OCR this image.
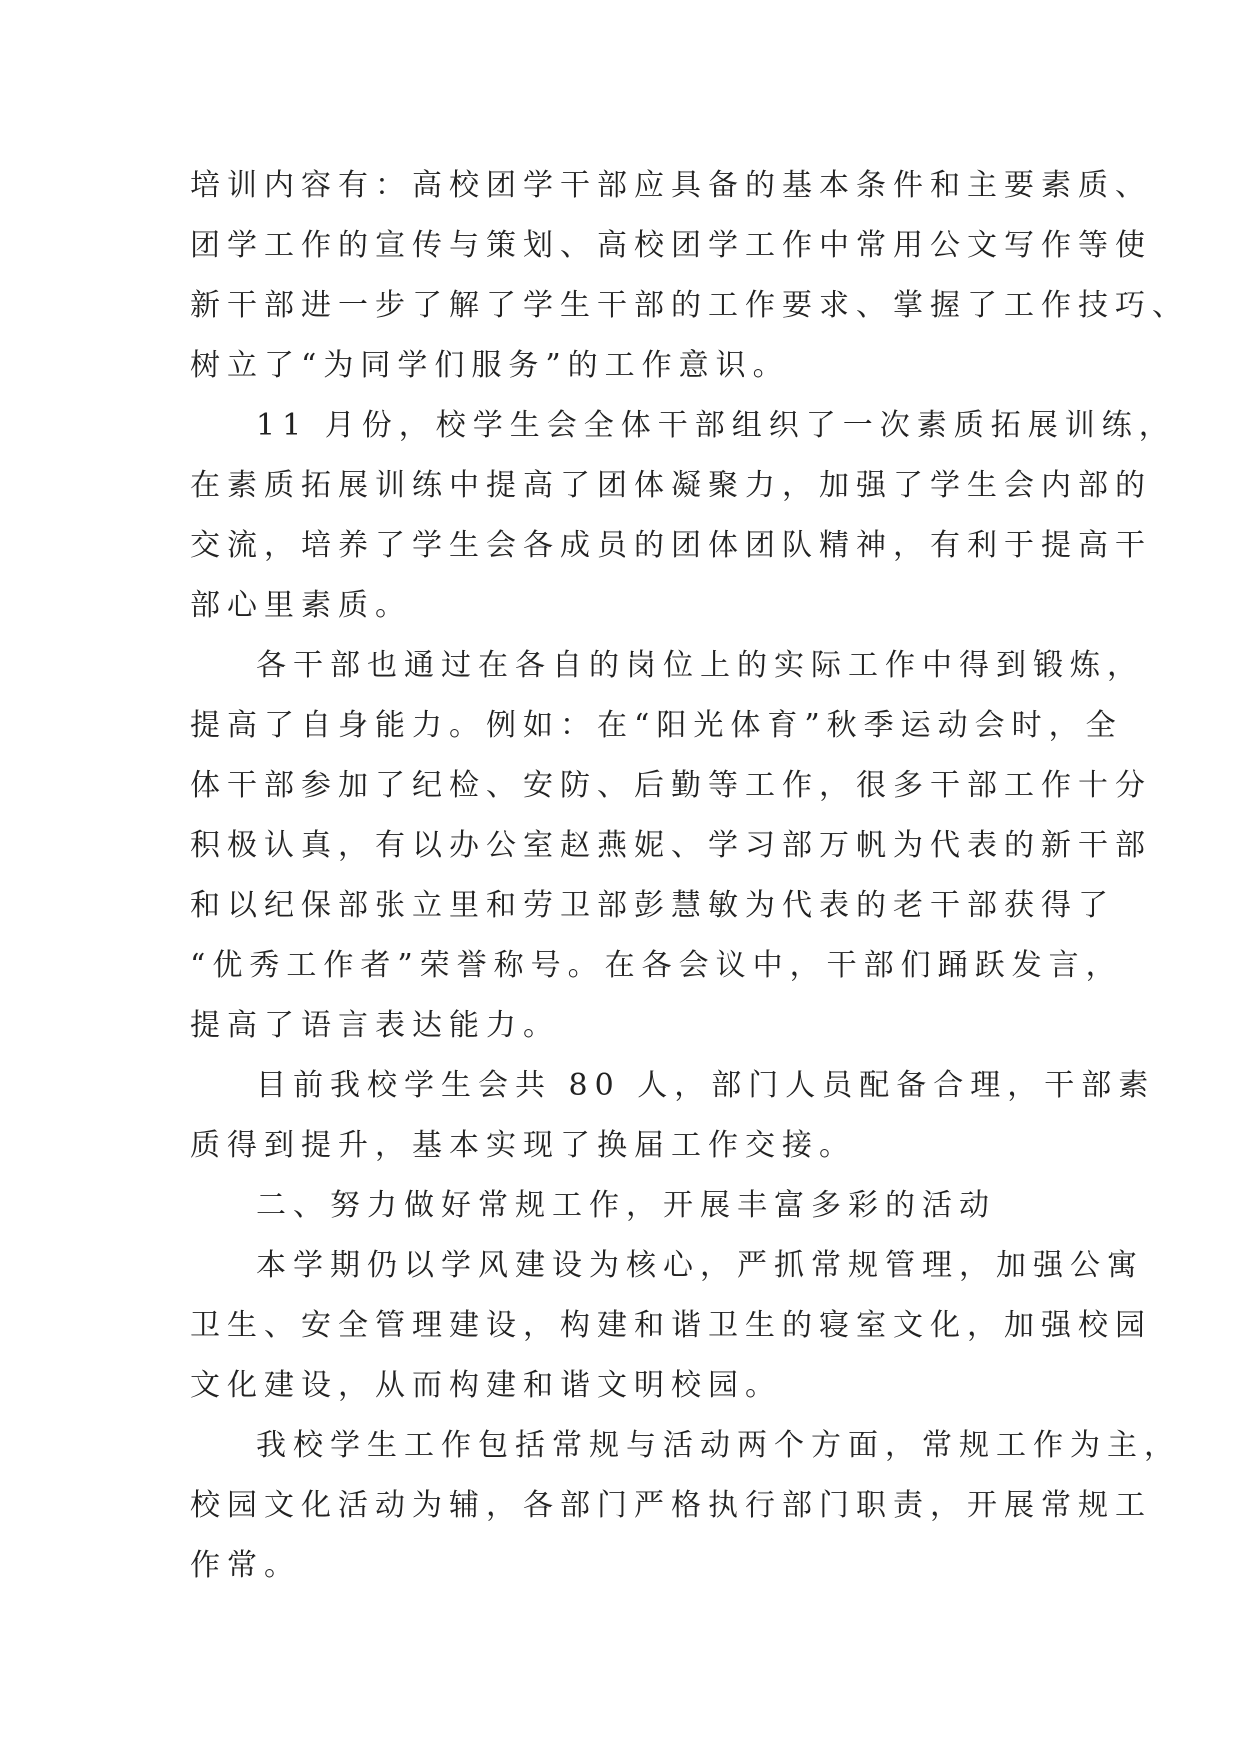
培训内容有：高校团学干部应具备的基本条件和主要素质、
团学工作的宣传与策划、高校团学工作中常用公文写作等使
新干部进一步了解了学生干部的工作要求、掌握了工作技巧、
树立了“为同学们服务”的工作意识。
11 月份，校学生会全体干部组织了一次素质拓展训练，
在素质拓展训练中提高了团体凝聚力，加强了学生会内部的
交流，培养了学生会各成员的团体团队精神，有利于提高干
部心里素质。
各干部也通过在各自的岗位上的实际工作中得到锻炼，
提高了自身能力。例如：在“阳光体育”秋季运动会时，全
体干部参加了纪检、安防、后勤等工作，很多干部工作十分
积极认真，有以办公室赵燕妮、学习部万帆为代表的新干部
和以纪保部张立里和劳卫部彭慧敏为代表的老干部获得了
“优秀工作者”荣誉称号。在各会议中，干部们踊跃发言，
提高了语言表达能力。
目前我校学生会共 80 人，部门人员配备合理，干部素
质得到提升，基本实现了换届工作交接。
二、努力做好常规工作，开展丰富多彩的活动
本学期仍以学风建设为核心，严抓常规管理，加强公寓
卫生、安全管理建设，构建和谐卫生的寝室文化，加强校园
文化建设，从而构建和谐文明校园。
我校学生工作包括常规与活动两个方面，常规工作为主，
校园文化活动为辅，各部门严格执行部门职责，开展常规工
作常。
